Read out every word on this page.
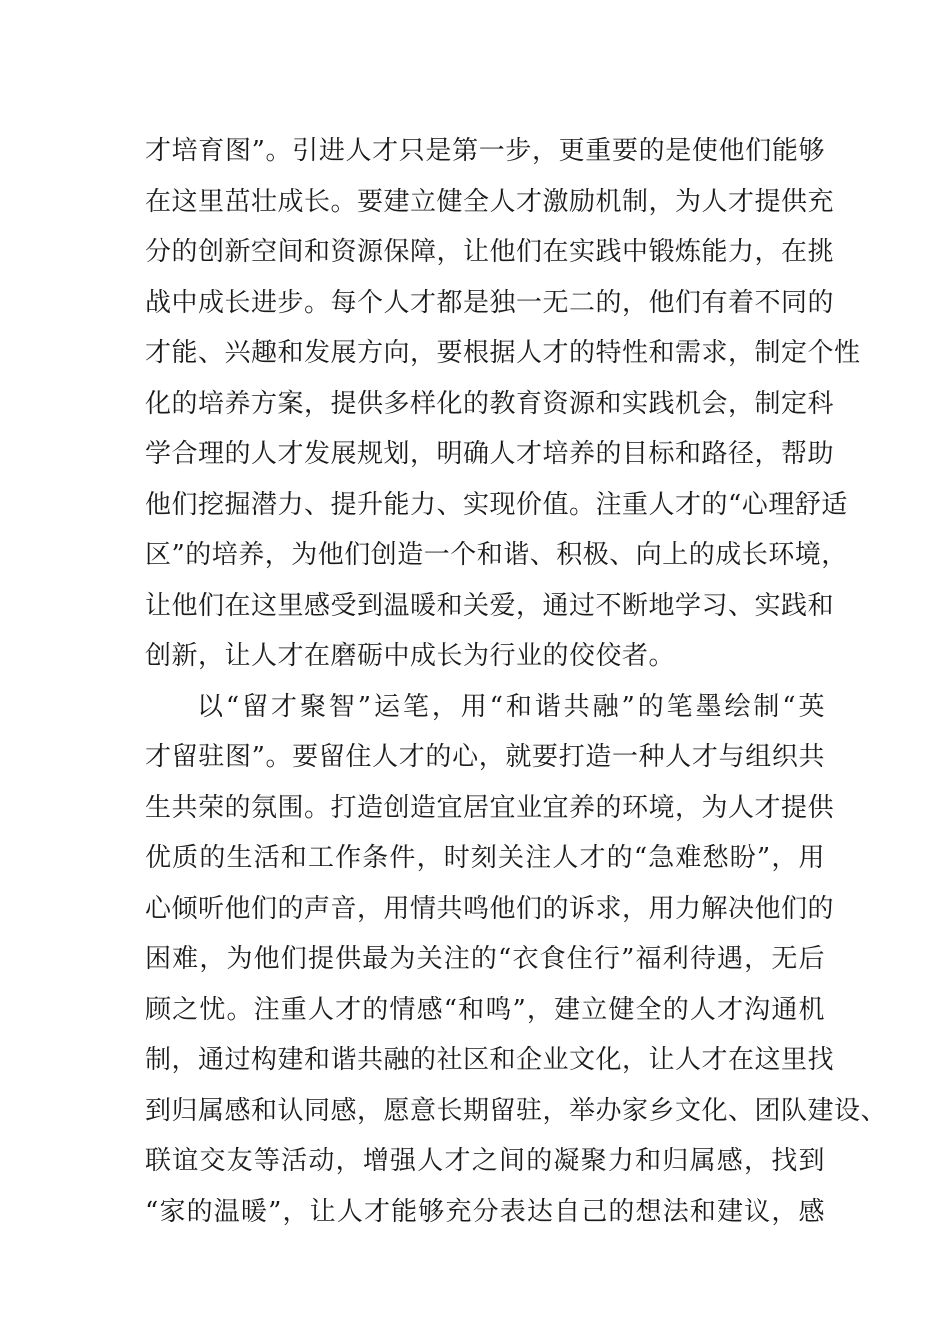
才培育图”。引进人才只是第一步，更重要的是使他们能够
在这里茁壮成长。要建立健全人才激励机制，为人才提供充
分的创新空间和资源保障，让他们在实践中锻炼能力，在挑
战中成长进步。每个人才都是独一无二的，他们有着不同的
才能、兴趣和发展方向，要根据人才的特性和需求，制定个性
化的培养方案，提供多样化的教育资源和实践机会，制定科
学合理的人才发展规划，明确人才培养的目标和路径，帮助
他们挖掘潜力、提升能力、实现价值。注重人才的“心理舒适
区”的培养，为他们创造一个和谐、积极、向上的成长环境，
让他们在这里感受到温暖和关爱，通过不断地学习、实践和
创新，让人才在磨砺中成长为行业的佼佼者。
以“留才聚智”运笔，用“和谐共融”的笔墨绘制“英
才留驻图”。要留住人才的心，就要打造一种人才与组织共
生共荣的氛围。打造创造宜居宜业宜养的环境，为人才提供
优质的生活和工作条件，时刻关注人才的“急难愁盼”，用
心倾听他们的声音，用情共鸣他们的诉求，用力解决他们的
困难，为他们提供最为关注的“衣食住行”福利待遇，无后
顾之忧。注重人才的情感“和鸣”，建立健全的人才沟通机
制，通过构建和谐共融的社区和企业文化，让人才在这里找
到归属感和认同感，愿意长期留驻，举办家乡文化、团队建设、
联谊交友等活动，增强人才之间的凝聚力和归属感，找到
“家的温暖”，让人才能够充分表达自己的想法和建议，感
